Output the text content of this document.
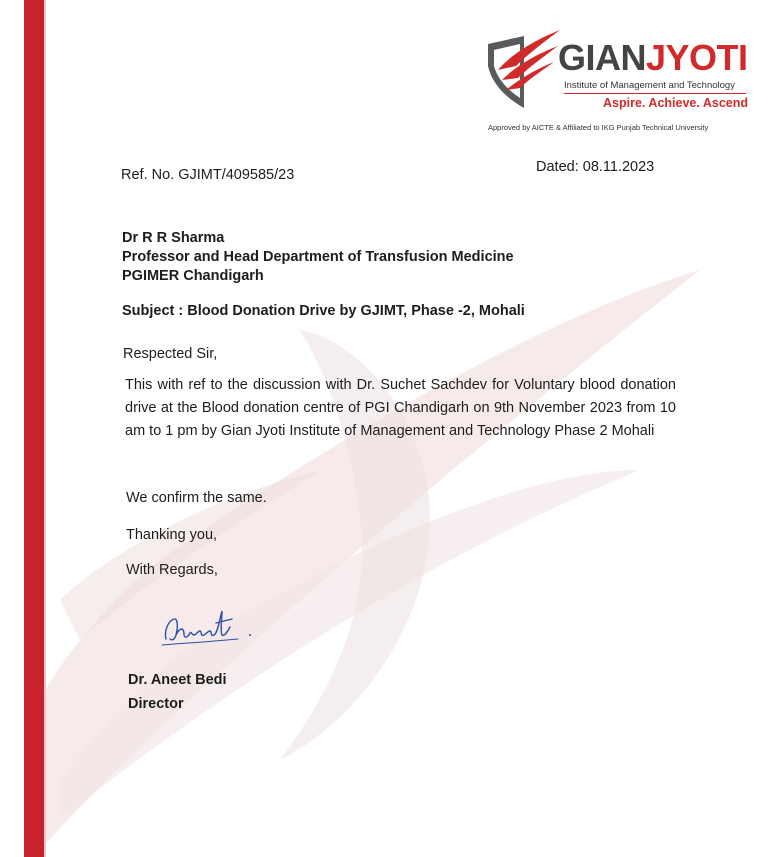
GIANJYOTI
Institute of Management and Technology
Aspire. Achieve. Ascend
Approved by AICTE & Affiliated to IKG Punjab Technical University
Ref. No. GJIMT/409585/23	Dated: 08.11.2023
Dr R R Sharma
Professor and Head Department of Transfusion Medicine
PGIMER Chandigarh
Subject : Blood Donation Drive by GJIMT, Phase -2, Mohali
Respected Sir,
This with ref to the discussion with Dr. Suchet Sachdev for Voluntary blood donation drive at the Blood donation centre of PGI Chandigarh on 9th November 2023 from 10 am to 1 pm by Gian Jyoti Institute of Management and Technology Phase 2 Mohali
We confirm the same.
Thanking you,
With Regards,
Dr. Aneet Bedi
Director
